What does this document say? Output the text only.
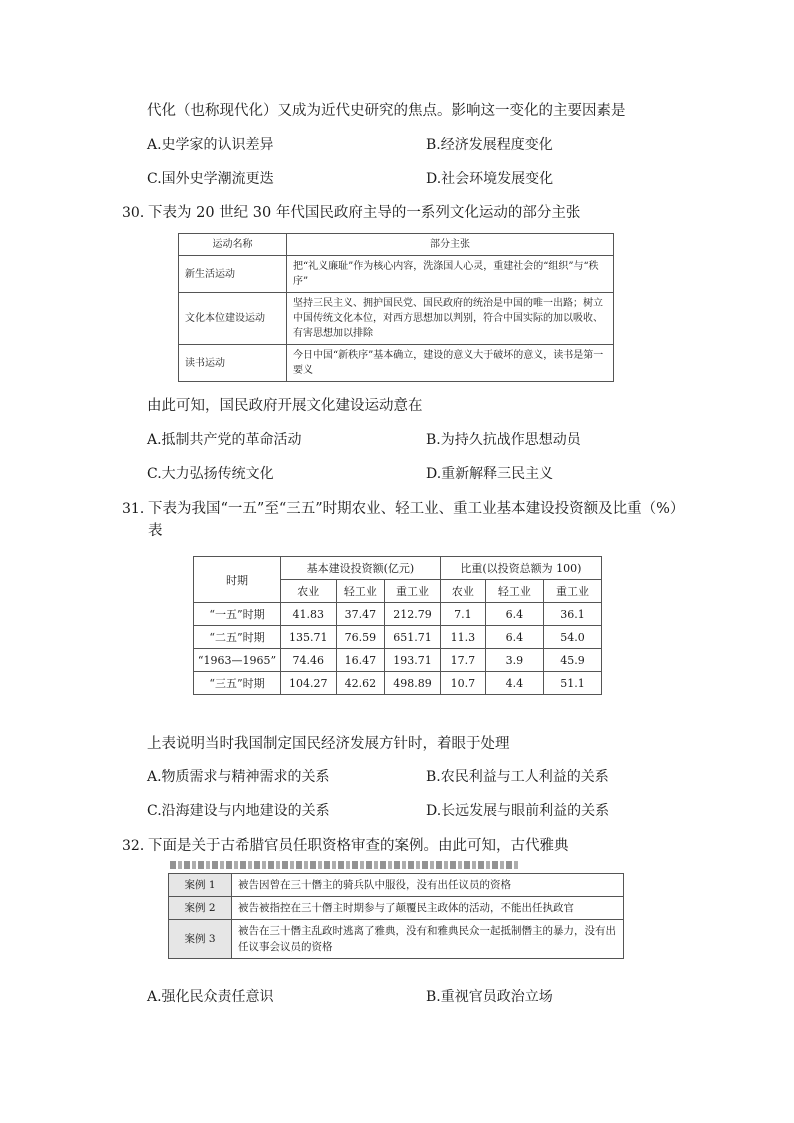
代化（也称现代化）又成为近代史研究的焦点。影响这一变化的主要因素是
A.史学家的认识差异	B.经济发展程度变化
C.国外史学潮流更迭	D.社会环境发展变化
30．
下表为 20 世纪 30 年代国民政府主导的一系列文化运动的部分主张
运动名称	部分主张
新生活运动	把“礼义廉耻”作为核心内容，洗涤国人心灵，重建社会的“组织”与“秩序”
文化本位建设运动	坚持三民主义、拥护国民党、国民政府的统治是中国的唯一出路；树立中国传统文化本位，对西方思想加以判别，符合中国实际的加以吸收、有害思想加以排除
读书运动	今日中国“新秩序”基本确立，建设的意义大于破坏的意义，读书是第一要义
由此可知，国民政府开展文化建设运动意在
A.抵制共产党的革命活动	B.为持久抗战作思想动员
C.大力弘扬传统文化	D.重新解释三民主义
31．
下表为我国“一五”至“三五”时期农业、轻工业、重工业基本建设投资额及比重（%）
表
时期	基本建设投资额(亿元)			比重(以投资总额为 100)		
	农业	轻工业	重工业	农业	轻工业	重工业
“一五”时期	41.83	37.47	212.79	7.1	6.4	36.1
“二五”时期	135.71	76.59	651.71	11.3	6.4	54.0
“1963—1965”	74.46	16.47	193.71	17.7	3.9	45.9
“三五”时期	104.27	42.62	498.89	10.7	4.4	51.1
上表说明当时我国制定国民经济发展方针时，着眼于处理
A.物质需求与精神需求的关系	B.农民利益与工人利益的关系
C.沿海建设与内地建设的关系	D.长远发展与眼前利益的关系
32．
下面是关于古希腊官员任职资格审查的案例。由此可知，古代雅典
案例 1	被告因曾在三十僭主的骑兵队中服役，没有出任议员的资格
案例 2	被告被指控在三十僭主时期参与了颠覆民主政体的活动，不能出任执政官
案例 3	被告在三十僭主乱政时逃离了雅典，没有和雅典民众一起抵制僭主的暴力，没有出任议事会议员的资格
A.强化民众责任意识	B.重视官员政治立场
